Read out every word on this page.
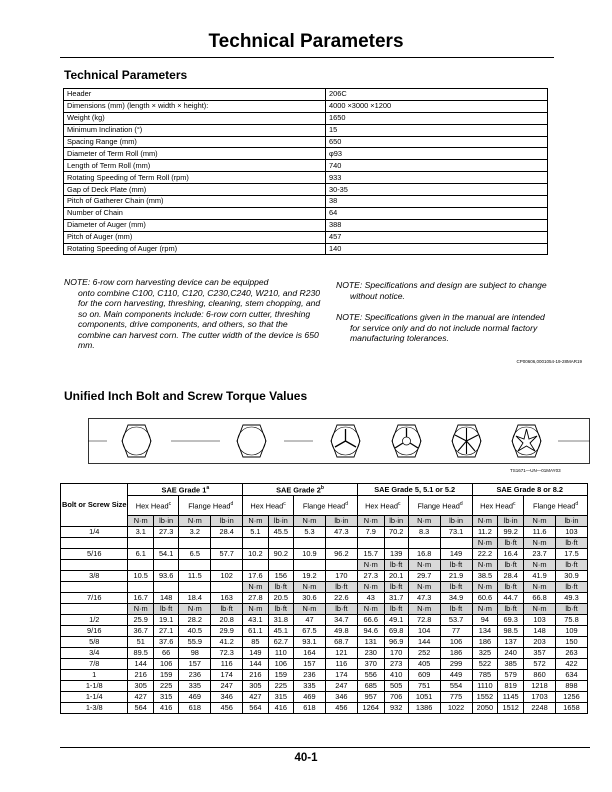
Technical Parameters
Technical Parameters
Header	206C
Dimensions (mm) (length × width × height):	4000 ×3000 ×1200
Weight (kg)	1650
Minimum Inclination (°)	15
Spacing Range (mm)	650
Diameter of Term Roll (mm)	φ93
Length of Term Roll (mm)	740
Rotating Speeding of Term Roll (rpm)	933
Gap of Deck Plate (mm)	30-35
Pitch of Gatherer Chain (mm)	38
Number of Chain	64
Diameter of Auger (mm)	388
Pitch of Auger (mm)	457
Rotating Speeding of Auger (rpm)	140
NOTE: 6-row corn harvesting device can be equipped
onto combine C100, C110, C120, C230,C240, W210, and R230 for the corn harvesting, threshing, cleaning, stem chopping, and so on. Main components include: 6-row corn cutter, threshing components, drive components, and others, so that the combine can harvest corn. The cutter width of the device is 650 mm.
NOTE: Specifications and design are subject to change
without notice.
NOTE: Specifications given in the manual are intended
for service only and do not include normal factory manufacturing tolerances.
CP00606,0001054-19-28MAR19
Unified Inch Bolt and Screw Torque Values
TS1671—UN—01MAY03
Bolt or Screw Size	SAE Grade 1$^a$				SAE Grade 2$^b$				SAE Grade 5, 5.1 or 5.2				SAE Grade 8 or 8.2			
	Hex Head$^c$		Flange Head$^d$		Hex Head$^c$		Flange Head$^d$		Hex Head$^c$		Flange Head$^d$		Hex Head$^c$		Flange Head$^d$
	N·m	lb·in	N·m	lb·in	N·m	lb·in	N·m	lb·in	N·m	lb·in	N·m	lb·in	N·m	lb·in	N·m	lb·in
1/4	3.1	27.3	3.2	28.4	5.1	45.5	5.3	47.3	7.9	70.2	8.3	73.1	11.2	99.2	11.6	103
													N·m	lb·ft	N·m	lb·ft
5/16	6.1	54.1	6.5	57.7	10.2	90.2	10.9	96.2	15.7	139	16.8	149	22.2	16.4	23.7	17.5
									N·m	lb·ft	N·m	lb·ft	N·m	lb·ft	N·m	lb·ft
3/8	10.5	93.6	11.5	102	17.6	156	19.2	170	27.3	20.1	29.7	21.9	38.5	28.4	41.9	30.9
					N·m	lb·ft	N·m	lb·ft	N·m	lb·ft	N·m	lb·ft	N·m	lb·ft	N·m	lb·ft
7/16	16.7	148	18.4	163	27.8	20.5	30.6	22.6	43	31.7	47.3	34.9	60.6	44.7	66.8	49.3
	N·m	lb·ft	N·m	lb·ft	N·m	lb·ft	N·m	lb·ft	N·m	lb·ft	N·m	lb·ft	N·m	lb·ft	N·m	lb·ft
1/2	25.9	19.1	28.2	20.8	43.1	31.8	47	34.7	66.6	49.1	72.8	53.7	94	69.3	103	75.8
9/16	36.7	27.1	40.5	29.9	61.1	45.1	67.5	49.8	94.6	69.8	104	77	134	98.5	148	109
5/8	51	37.6	55.9	41.2	85	62.7	93.1	68.7	131	96.9	144	106	186	137	203	150
3/4	89.5	66	98	72.3	149	110	164	121	230	170	252	186	325	240	357	263
7/8	144	106	157	116	144	106	157	116	370	273	405	299	522	385	572	422
1	216	159	236	174	216	159	236	174	556	410	609	449	785	579	860	634
1-1/8	305	225	335	247	305	225	335	247	685	505	751	554	1110	819	1218	898
1-1/4	427	315	469	346	427	315	469	346	957	706	1051	775	1552	1145	1703	1256
1-3/8	564	416	618	456	564	416	618	456	1264	932	1386	1022	2050	1512	2248	1658
40-1
